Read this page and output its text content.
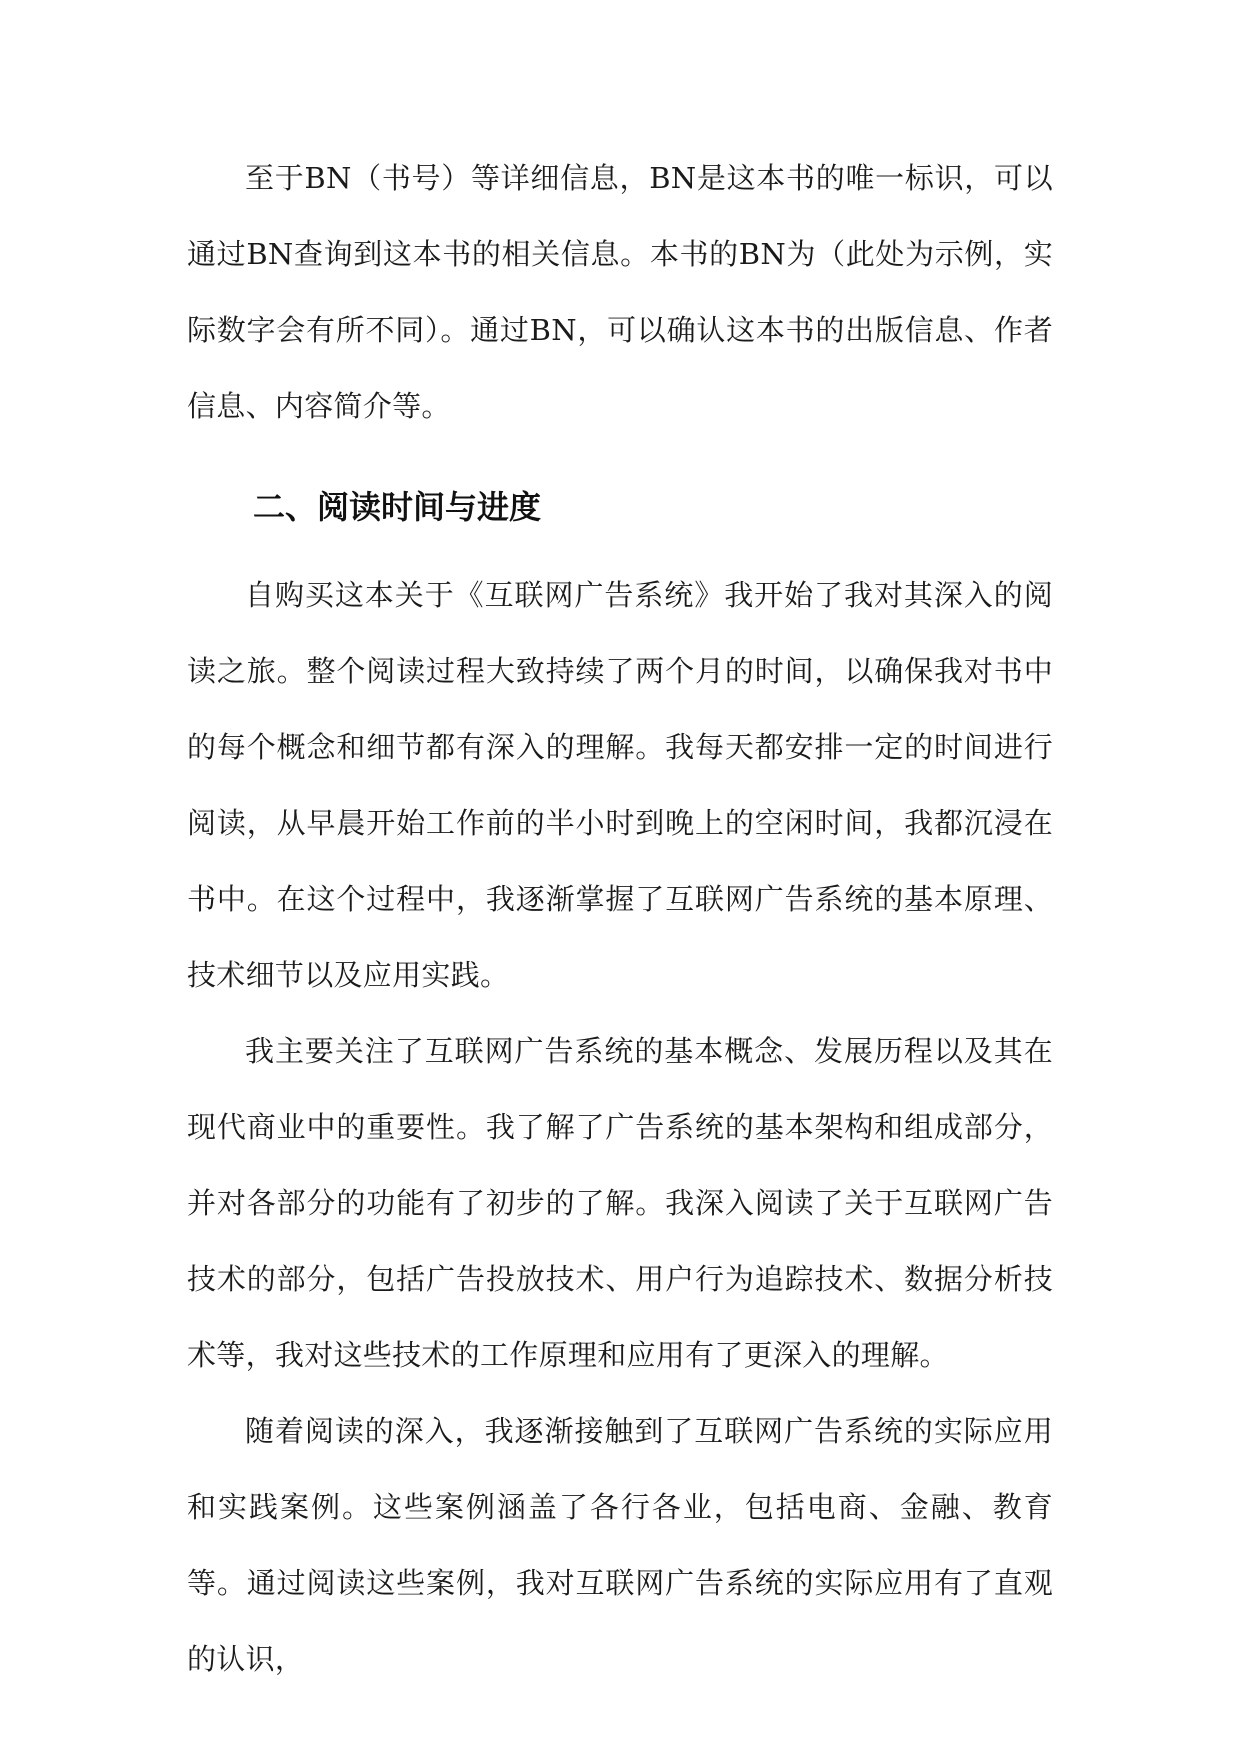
至于BN（书号）等详细信息，BN是这本书的唯一标识，可以通过BN查询到这本书的相关信息。本书的BN为（此处为示例，实际数字会有所不同）。通过BN，可以确认这本书的出版信息、作者信息、内容简介等。

二、阅读时间与进度

自购买这本关于《互联网广告系统》我开始了我对其深入的阅读之旅。整个阅读过程大致持续了两个月的时间，以确保我对书中的每个概念和细节都有深入的理解。我每天都安排一定的时间进行阅读，从早晨开始工作前的半小时到晚上的空闲时间，我都沉浸在书中。在这个过程中，我逐渐掌握了互联网广告系统的基本原理、技术细节以及应用实践。

我主要关注了互联网广告系统的基本概念、发展历程以及其在现代商业中的重要性。我了解了广告系统的基本架构和组成部分，并对各部分的功能有了初步的了解。我深入阅读了关于互联网广告技术的部分，包括广告投放技术、用户行为追踪技术、数据分析技术等，我对这些技术的工作原理和应用有了更深入的理解。

随着阅读的深入，我逐渐接触到了互联网广告系统的实际应用和实践案例。这些案例涵盖了各行各业，包括电商、金融、教育等。通过阅读这些案例，我对互联网广告系统的实际应用有了直观的认识，
